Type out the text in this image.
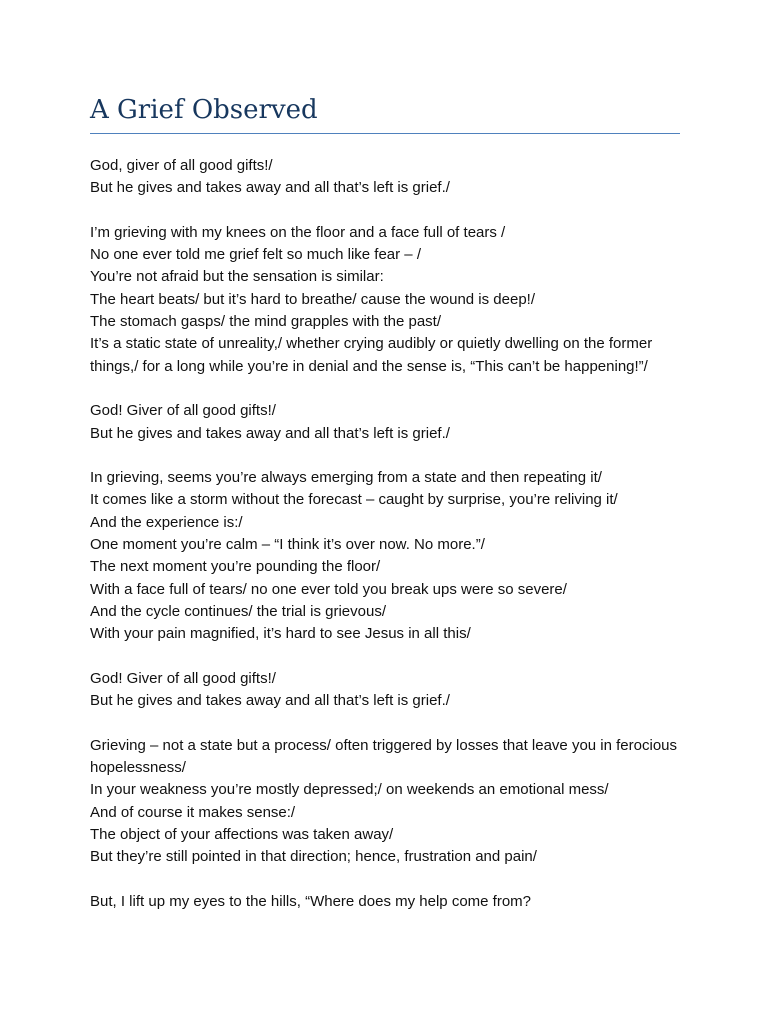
A Grief Observed
God, giver of all good gifts!/
But he gives and takes away and all that’s left is grief./
I’m grieving with my knees on the floor and a face full of tears /
No one ever told me grief felt so much like fear – /
You’re not afraid but the sensation is similar:
The heart beats/ but it’s hard to breathe/ cause the wound is deep!/
The stomach gasps/ the mind grapples with the past/
It’s a static state of unreality,/ whether crying audibly or quietly dwelling on the former things,/ for a long while you’re in denial and the sense is, “This can’t be happening!”/
God! Giver of all good gifts!/
But he gives and takes away and all that’s left is grief./
In grieving, seems you’re always emerging from a state and then repeating it/
It comes like a storm without the forecast – caught by surprise, you’re reliving it/
And the experience is:/
One moment you’re calm – “I think it’s over now. No more.”/
The next moment you’re pounding the floor/
With a face full of tears/ no one ever told you break ups were so severe/
And the cycle continues/ the trial is grievous/
With your pain magnified, it’s hard to see Jesus in all this/
God! Giver of all good gifts!/
But he gives and takes away and all that’s left is grief./
Grieving – not a state but a process/ often triggered by losses that leave you in ferocious hopelessness/
In your weakness you’re mostly depressed;/ on weekends an emotional mess/
And of course it makes sense:/
The object of your affections was taken away/
But they’re still pointed in that direction; hence, frustration and pain/
But, I lift up my eyes to the hills, “Where does my help come from?
